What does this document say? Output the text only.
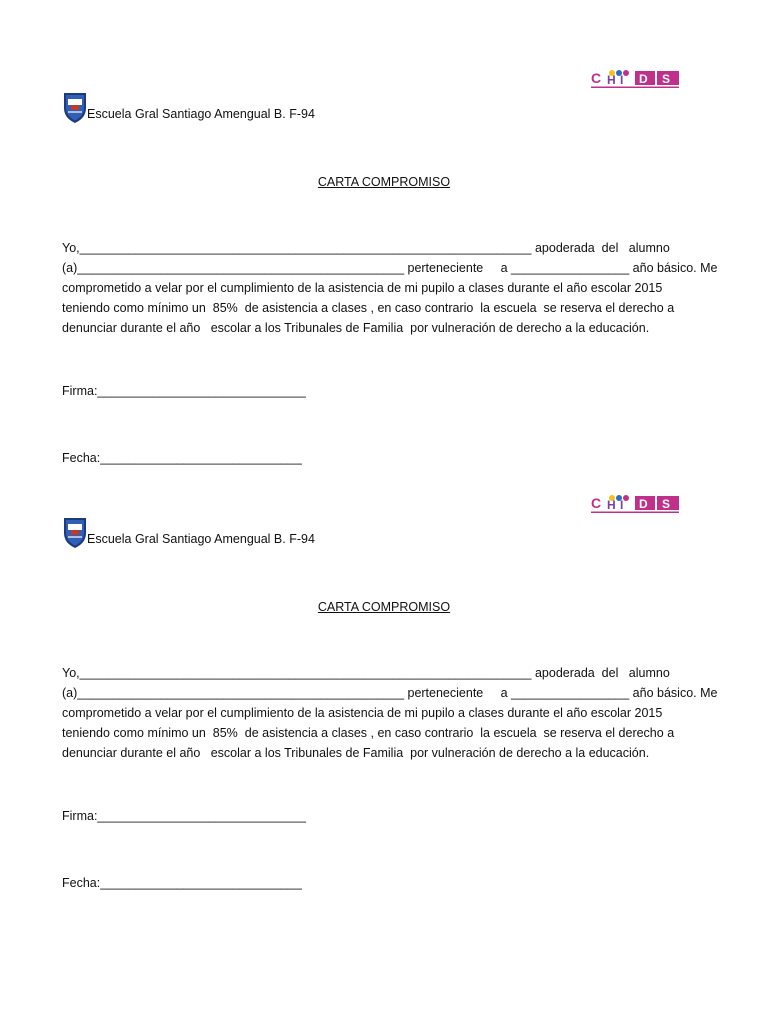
C H I D S
Escuela Gral Santiago Amengual B. F-94
CARTA COMPROMISO
Yo,_________________________________________________________________ apoderada  del   alumno
(a)_______________________________________________ perteneciente     a _________________ año básico. Me
comprometido a velar por el cumplimiento de la asistencia de mi pupilo a clases durante el año escolar 2015
teniendo como mínimo un  85%  de asistencia a clases , en caso contrario  la escuela  se reserva el derecho a
denunciar durante el año   escolar a los Tribunales de Familia  por vulneración de derecho a la educación.
Firma:______________________________
Fecha:_____________________________
C H I D S
Escuela Gral Santiago Amengual B. F-94
CARTA COMPROMISO
Yo,_________________________________________________________________ apoderada  del   alumno
(a)_______________________________________________ perteneciente     a _________________ año básico. Me
comprometido a velar por el cumplimiento de la asistencia de mi pupilo a clases durante el año escolar 2015
teniendo como mínimo un  85%  de asistencia a clases , en caso contrario  la escuela  se reserva el derecho a
denunciar durante el año   escolar a los Tribunales de Familia  por vulneración de derecho a la educación.
Firma:______________________________
Fecha:_____________________________
